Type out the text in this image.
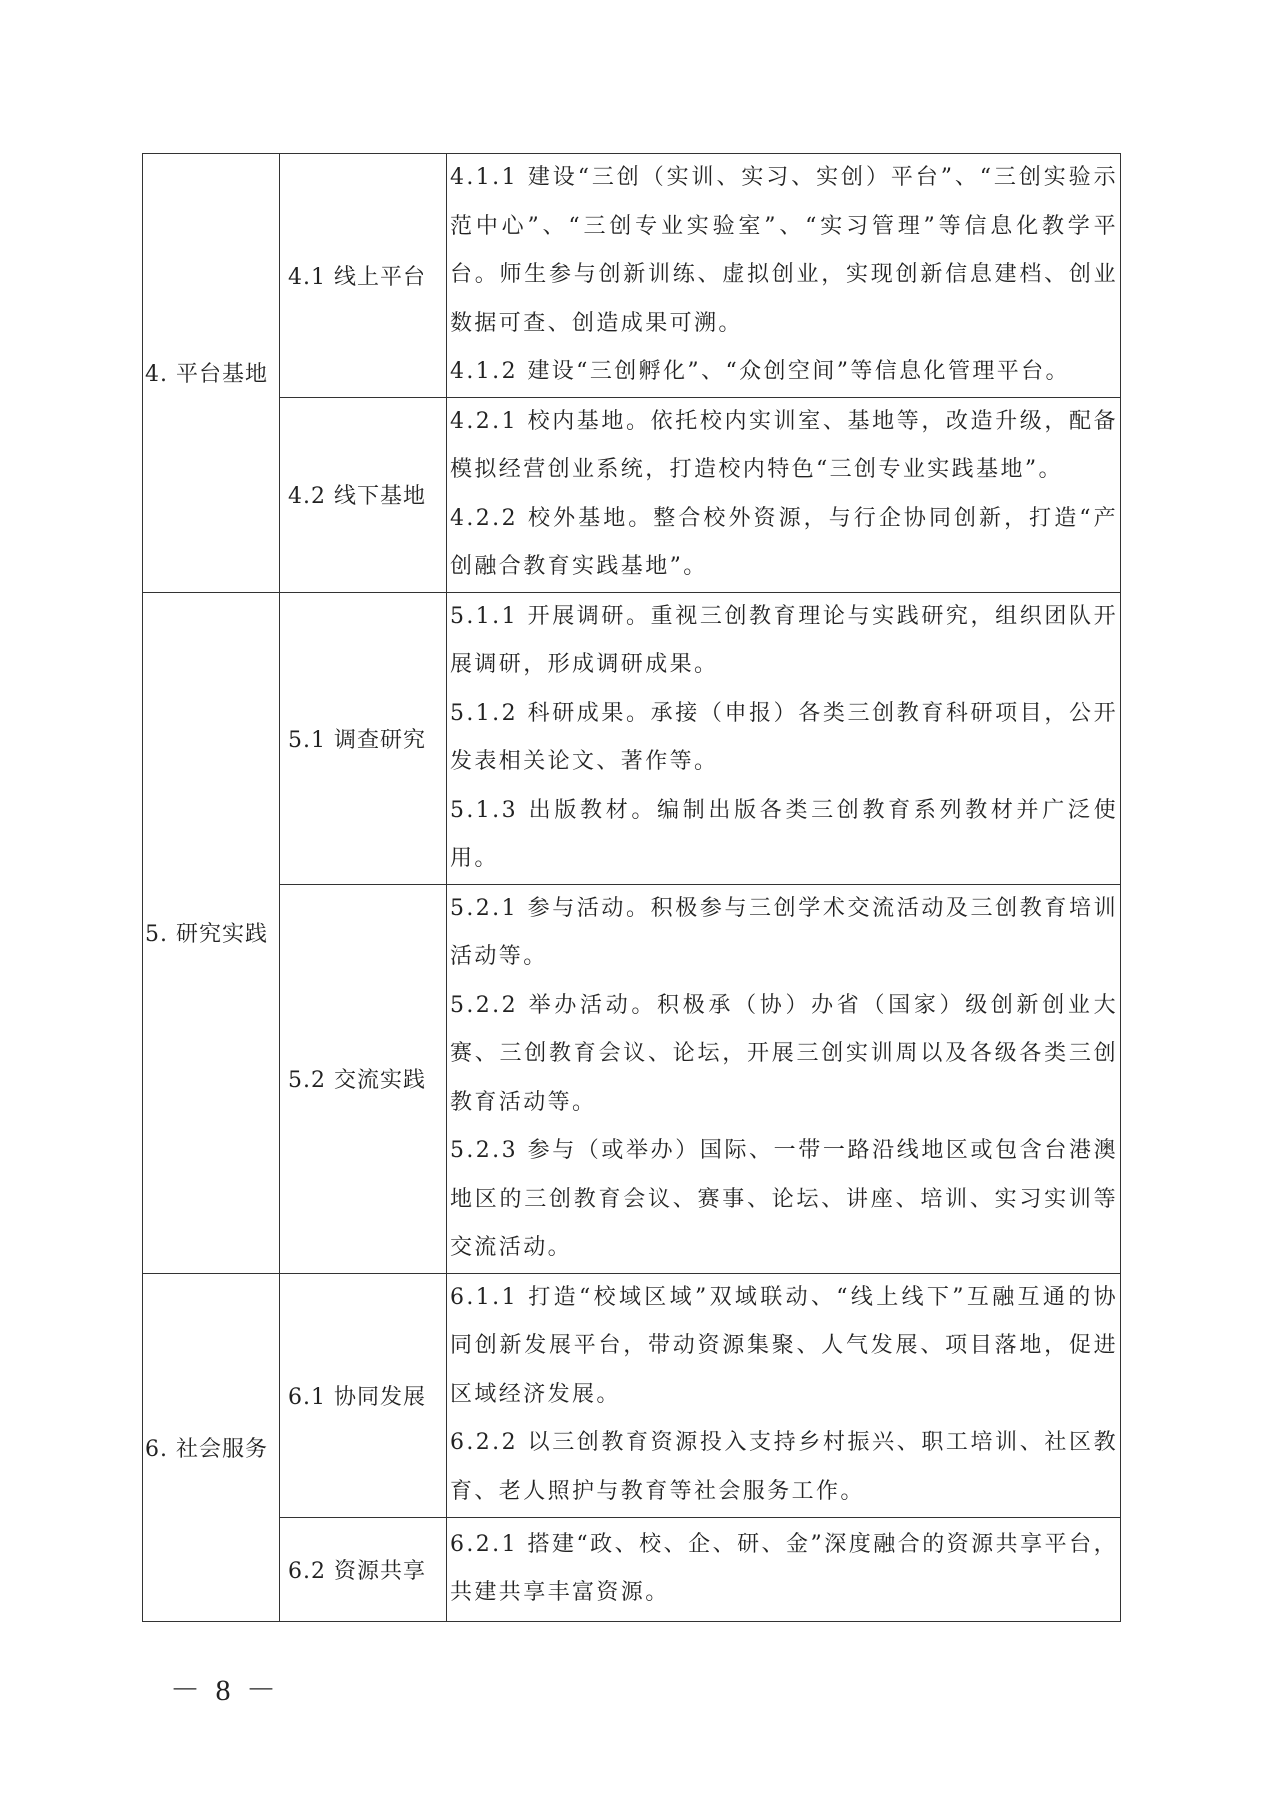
4. 平台基地	4.1 线上平台	4.1.1 建设“三创（实训、实习、实创）平台”、“三创实验示范中心”、“三创专业实验室”、“实习管理”等信息化教学平台。师生参与创新训练、虚拟创业，实现创新信息建档、创业数据可查、创造成果可溯。

4.1.2 建设“三创孵化”、“众创空间”等信息化管理平台。

	4.2 线下基地	4.2.1 校内基地。依托校内实训室、基地等，改造升级，配备模拟经营创业系统，打造校内特色“三创专业实践基地”。

4.2.2 校外基地。整合校外资源，与行企协同创新，打造“产创融合教育实践基地”。

5. 研究实践	5.1 调查研究	5.1.1 开展调研。重视三创教育理论与实践研究，组织团队开展调研，形成调研成果。

5.1.2 科研成果。承接（申报）各类三创教育科研项目，公开发表相关论文、著作等。

5.1.3 出版教材。编制出版各类三创教育系列教材并广泛使用。

	5.2 交流实践	5.2.1 参与活动。积极参与三创学术交流活动及三创教育培训活动等。

5.2.2 举办活动。积极承（协）办省（国家）级创新创业大赛、三创教育会议、论坛，开展三创实训周以及各级各类三创教育活动等。

5.2.3 参与（或举办）国际、一带一路沿线地区或包含台港澳地区的三创教育会议、赛事、论坛、讲座、培训、实习实训等交流活动。

6. 社会服务	6.1 协同发展	6.1.1 打造“校域区域”双域联动、“线上线下”互融互通的协同创新发展平台，带动资源集聚、人气发展、项目落地，促进区域经济发展。

6.2.2 以三创教育资源投入支持乡村振兴、职工培训、社区教育、老人照护与教育等社会服务工作。

	6.2 资源共享	6.2.1 搭建“政、校、企、研、金”深度融合的资源共享平台，共建共享丰富资源。

－ 8 －
